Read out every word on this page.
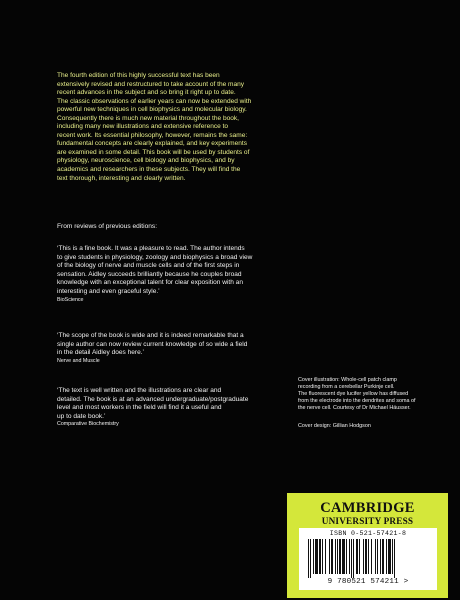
The fourth edition of this highly successful text has been

extensively revised and restructured to take account of the many

recent advances in the subject and so bring it right up to date.

The classic observations of earlier years can now be extended with

powerful new techniques in cell biophysics and molecular biology.

Consequently there is much new material throughout the book,

including many new illustrations and extensive reference to

recent work. Its essential philosophy, however, remains the same:

fundamental concepts are clearly explained, and key experiments

are examined in some detail. This book will be used by students of

physiology, neuroscience, cell biology and biophysics, and by

academics and researchers in these subjects. They will find the

text thorough, interesting and clearly written.

From reviews of previous editions:

‘This is a fine book. It was a pleasure to read. The author intends

to give students in physiology, zoology and biophysics a broad view

of the biology of nerve and muscle cells and of the first steps in

sensation. Aidley succeeds brilliantly because he couples broad

knowledge with an exceptional talent for clear exposition with an

interesting and even graceful style.’

BioScience

‘The scope of the book is wide and it is indeed remarkable that a

single author can now review current knowledge of so wide a field

in the detail Aidley does here.’

Nerve and Muscle

‘The text is well written and the illustrations are clear and

detailed. The book is at an advanced undergraduate/postgraduate

level and most workers in the field will find it a useful and

up to date book.’

Comparative Biochemistry

Cover illustration: Whole-cell patch clamp

recording from a cerebellar Purkinje cell.

The fluorescent dye lucifer yellow has diffused

from the electrode into the dendrites and soma of

the nerve cell. Courtesy of Dr Michael Häusser.

Cover design: Gillian Hodgson
CAMBRIDGE
UNIVERSITY PRESS
ISBN 0-521-57421-8
9 780521 574211 >
